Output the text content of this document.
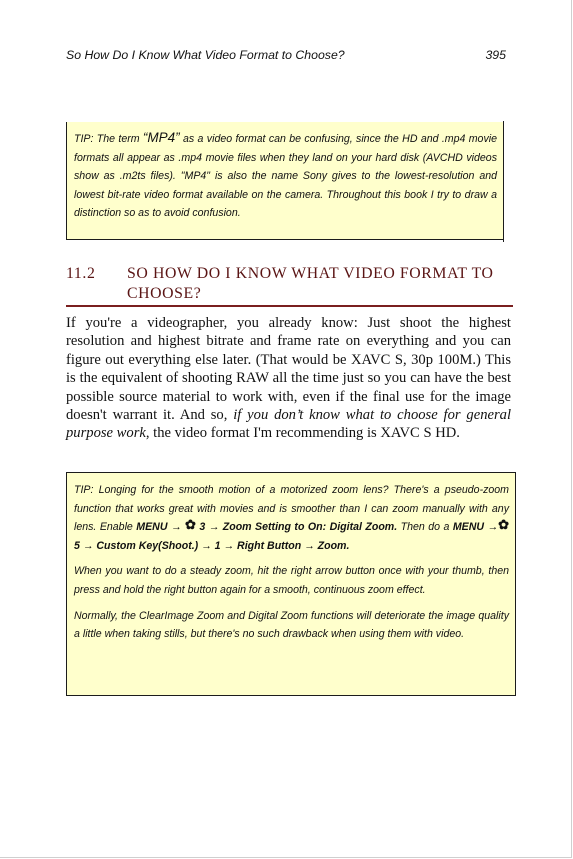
So How Do I Know What Video Format to Choose?	395

TIP: The term “MP4” as a video format can be confusing, since the HD and .mp4 movie formats all appear as .mp4 movie files when they land on your hard disk (AVCHD videos show as .m2ts files). "MP4" is also the name Sony gives to the lowest-resolution and lowest bit-rate video format available on the camera. Throughout this book I try to draw a distinction so as to avoid confusion.

11.2 SO HOW DO I KNOW WHAT VIDEO FORMAT TO CHOOSE?

If you're a videographer, you already know: Just shoot the highest resolution and highest bitrate and frame rate on everything and you can figure out everything else later. (That would be XAVC S, 30p 100M.) This is the equivalent of shooting RAW all the time just so you can have the best possible source material to work with, even if the final use for the image doesn't warrant it. And so, if you don’t know what to choose for general purpose work, the video format I'm recommending is XAVC S HD.

TIP: Longing for the smooth motion of a motorized zoom lens? There's a pseudo-zoom function that works great with movies and is smoother than I can zoom manually with any lens. Enable MENU → ✿ 3 → Zoom Setting to On: Digital Zoom. Then do a MENU →✿ 5 → Custom Key(Shoot.) → 1 → Right Button → Zoom.

When you want to do a steady zoom, hit the right arrow button once with your thumb, then press and hold the right button again for a smooth, continuous zoom effect.

Normally, the ClearImage Zoom and Digital Zoom functions will deteriorate the image quality a little when taking stills, but there's no such drawback when using them with video.
